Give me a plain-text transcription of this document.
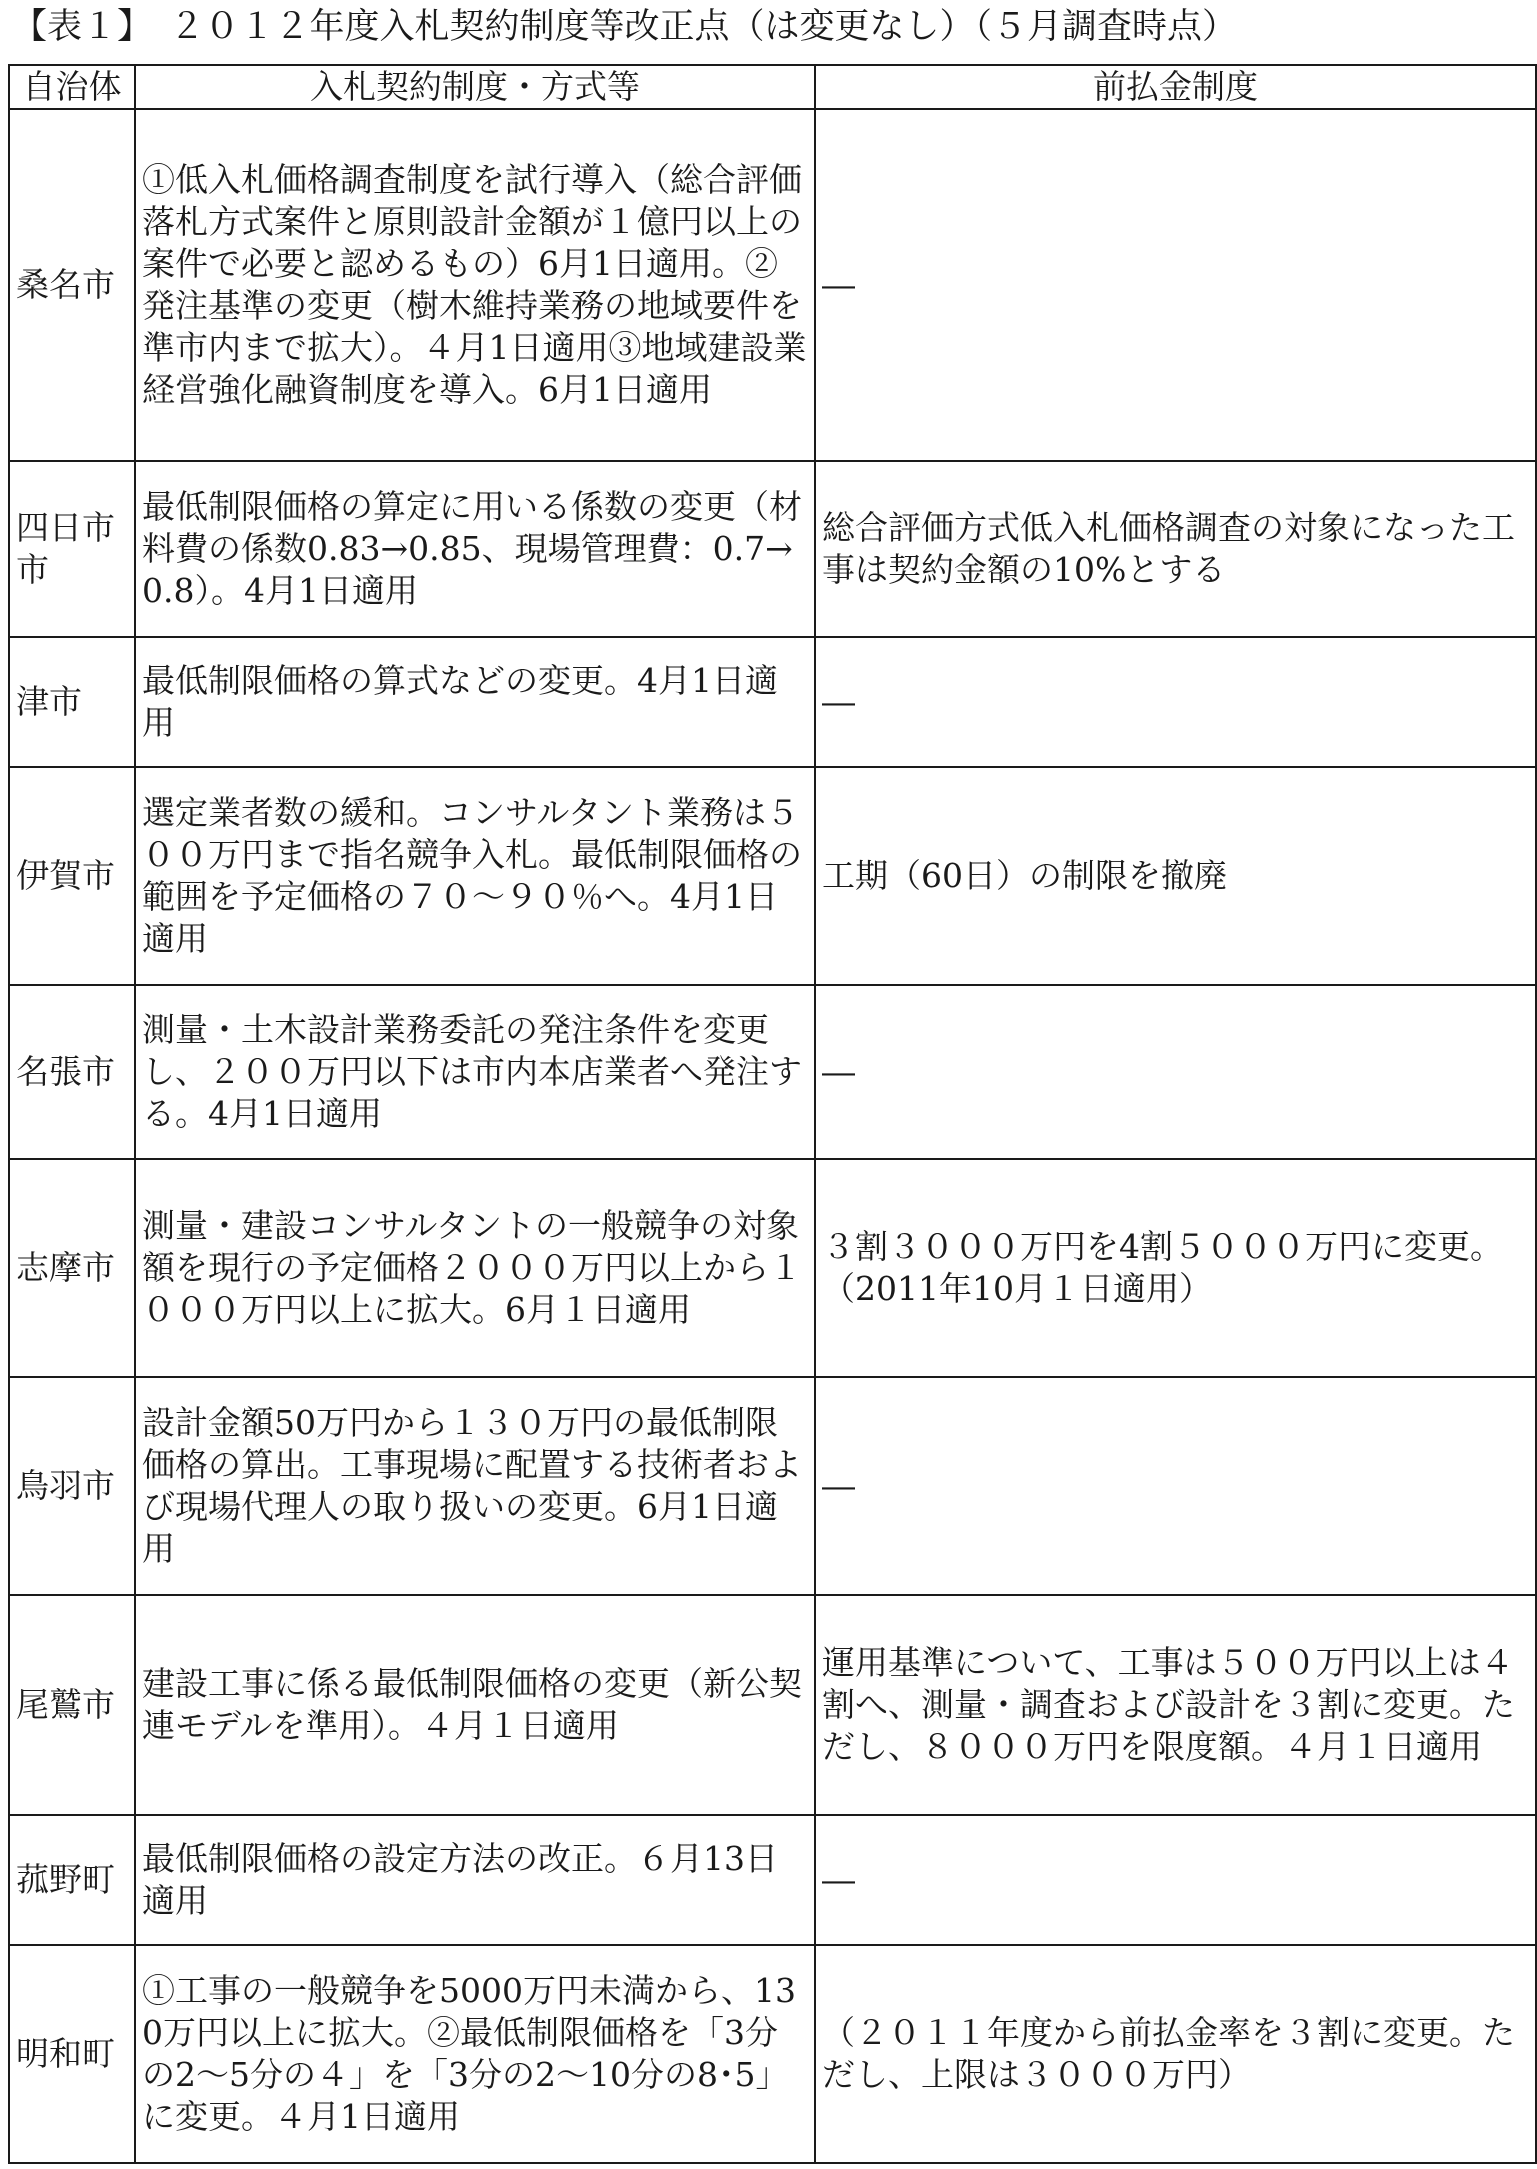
【表１】　２０１２年度入札契約制度等改正点（は変更なし）（５月調査時点）
自治体	入札契約制度・方式等	前払金制度
桑名市	①低入札価格調査制度を試行導入（総合評価落札方式案件と原則設計金額が１億円以上の案件で必要と認めるもの）6月1日適用。②発注基準の変更（樹木維持業務の地域要件を準市内まで拡大）。４月1日適用③地域建設業経営強化融資制度を導入。6月1日適用	―
四日市市	最低制限価格の算定に用いる係数の変更（材料費の係数0.83→0.85、現場管理費：0.7→0.8）。4月1日適用	総合評価方式低入札価格調査の対象になった工事は契約金額の10%とする
津市	最低制限価格の算式などの変更。4月1日適用	―
伊賀市	選定業者数の緩和。コンサルタント業務は５００万円まで指名競争入札。最低制限価格の範囲を予定価格の７０～９０％へ。4月1日適用	工期（60日）の制限を撤廃
名張市	測量・土木設計業務委託の発注条件を変更し、２００万円以下は市内本店業者へ発注する。4月1日適用	―
志摩市	測量・建設コンサルタントの一般競争の対象額を現行の予定価格２０００万円以上から１０００万円以上に拡大。6月１日適用	３割３０００万円を4割５０００万円に変更。（2011年10月１日適用）
鳥羽市	設計金額50万円から１３０万円の最低制限価格の算出。工事現場に配置する技術者および現場代理人の取り扱いの変更。6月1日適用	―
尾鷲市	建設工事に係る最低制限価格の変更（新公契連モデルを準用）。４月１日適用	運用基準について、工事は５００万円以上は４割へ、測量・調査および設計を３割に変更。ただし、８０００万円を限度額。４月１日適用
菰野町	最低制限価格の設定方法の改正。６月13日適用	―
明和町	①工事の一般競争を5000万円未満から、130万円以上に拡大。②最低制限価格を「3分の2～5分の４」を「3分の2～10分の8･5」に変更。４月1日適用	（２０１１年度から前払金率を３割に変更。ただし、上限は３０００万円）
